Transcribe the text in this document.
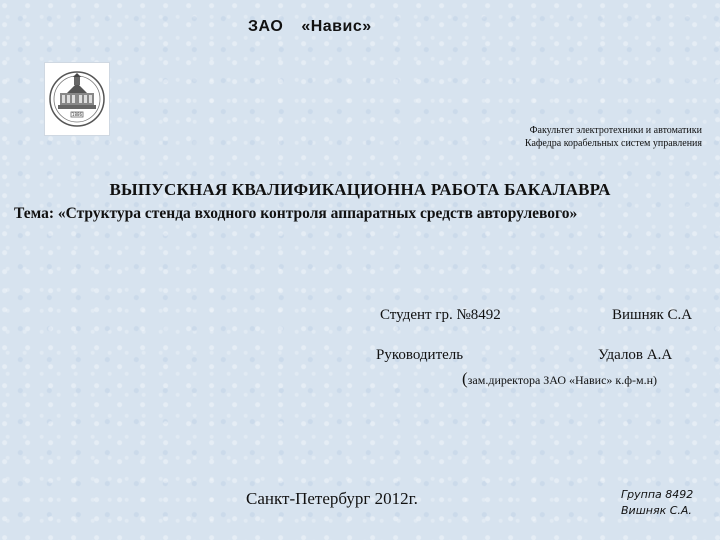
ЗАО «Навис»
1886
Факультет электротехники и автоматики
Кафедра корабельных систем управления
ВЫПУСКНАЯ КВАЛИФИКАЦИОННА РАБОТА БАКАЛАВРА
Тема: «Структура стенда входного контроля аппаратных средств авторулевого»
Студент гр. №8492	Вишняк С.А
Руководитель	Удалов А.А
(зам.директора ЗАО «Навис» к.ф-м.н)
Санкт-Петербург 2012г.	Группа 8492
Вишняк С.А.
